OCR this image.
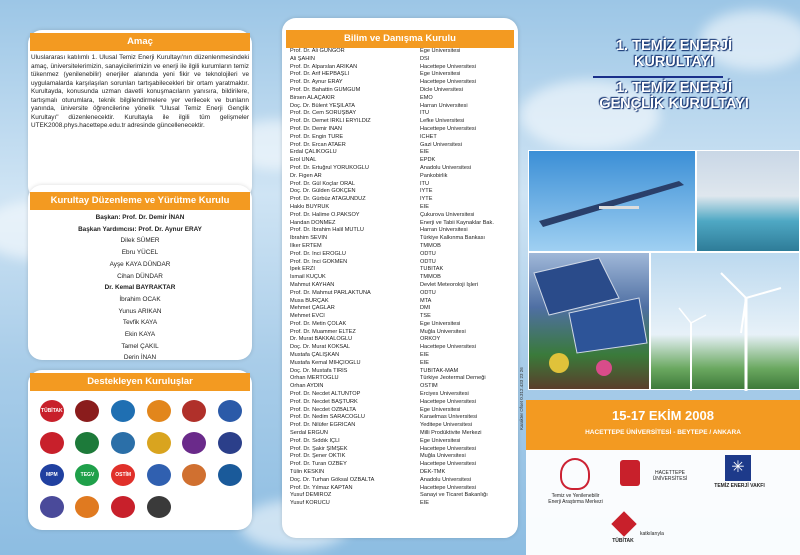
Amaç
Uluslararası katılımlı 1. Ulusal Temiz Enerji Kurultayı'nın düzenlenmesindeki amaç, üniversitelerimizin, sanayicilerimizin ve enerji ile ilgili kurumların temiz tükenmez (yenilenebilir) enerjiler alanında yeni fikir ve teknolojileri ve uygulamalarda karşılaşılan sorunları tartışabilecekleri bir ortam yaratmaktır. Kurultayda, konusunda uzman davetli konuşmacıların yanısıra, bildirilere, tartışmalı oturumlara, teknik bilgilendirmelere yer verilecek ve bunların yanında, üniversite öğrencilerine yönelik "Ulusal Temiz Enerji Gençlik Kurultayı" düzenlenecektir. Kurultayla ile ilgili tüm gelişmeler UTEK2008.phys.hacettepe.edu.tr adresinde güncellenecektir.
Kurultay Düzenleme ve Yürütme Kurulu
Başkan: Prof. Dr. Demir İNAN
Başkan Yardımcısı: Prof. Dr. Aynur ERAY
Dilek SÜMER
Ebru YÜCEL
Ayşe KAYA DÜNDAR
Cihan DÜNDAR
Dr. Kemal BAYRAKTAR
İbrahim OCAK
Yunus ARIKAN
Tevfik KAYA
Ekin KAYA
Tamel ÇAKIL
Derin İNAN
Destekleyen Kuruluşlar
TÜBİTAK
MPM	TEGV	OSTİM
Bilim ve Danışma Kurulu
Prof. Dr. Ali GÜNGÖR	Ege Üniversitesi
Ali ŞAHİN	DSİ
Prof. Dr. Alparslan ARIKAN	Hacettepe Üniversitesi
Prof. Dr. Arif HEPBAŞLI	Ege Üniversitesi
Prof. Dr. Aynur ERAY	Hacettepe Üniversitesi
Prof. Dr. Bahattin GÜMGÜM	Dicle Üniversitesi
Birsen ALAÇAKIR	EMO
Doç. Dr. Bülent YEŞİLATA	Harran Üniversitesi
Prof. Dr. Cem SORUŞBAY	İTÜ
Prof. Dr. Demet IRKLI ERYILDIZ	Lefke Üniversitesi
Prof. Dr. Demir İNAN	Hacettepe Üniversitesi
Prof. Dr. Engin TÜRE	ICHET
Prof. Dr. Ercan ATAER	Gazi Üniversitesi
Erdal ÇALIKOĞLU	EİE
Erol ÜNAL	EPDK
Prof. Dr. Ertuğrul YÖRÜKOĞLU	Anadolu Üniversitesi
Dr. Figen AR	Pankobirlik
Prof. Dr. Gül Koçlar ORAL	İTÜ
Doç. Dr. Gülden GÖKÇEN	İYTE
Prof. Dr. Gürbüz ATAGÜNDÜZ	İYTE
Hakkı BUYRUK	EİE
Prof. Dr. Halime Ö.PAKSOY	Çukurova Üniversitesi
Handan DÖNMEZ	Enerji ve Tabii Kaynaklar Bak.
Prof. Dr. İbrahim Halil MUTLU	Harran Üniversitesi
İbrahim SEVİN	Türkiye Kalkınma Bankası
İlker ERTEM	TMMOB
Prof. Dr. İnci EROĞLU	ODTÜ
Prof. Dr. İnci GÖKMEN	ODTÜ
İpek ERZİ	TÜBİTAK
İsmail KÜÇÜK	TMMOB
Mahmut KAYHAN	Devlet Meteoroloji İşleri
Prof. Dr. Mahmut PARLAKTUNA	ODTÜ
Musa BURÇAK	MTA
Mehmet ÇAĞLAR	DMİ
Mehmet EVCİ	TSE
Prof. Dr. Metin ÇOLAK	Ege Üniversitesi
Prof. Dr. Muammer ELTEZ	Muğla Üniversitesi
Dr. Murat BAKKALOĞLU	ORKOY
Doç. Dr. Murat KÖKSAL	Hacettepe Üniversitesi
Mustafa ÇALIŞKAN	EİE
Mustafa Kemal MIHÇIOĞLU	EİE
Doç. Dr. Mustafa TIRIS	TÜBİTAK-MAM
Orhan MERTOĞLU	Türkiye Jeotermal Derneği
Orhan AYDIN	OSTİM
Prof. Dr. Necdet ALTUNTOP	Erciyes Üniversitesi
Prof. Dr. Necdet BAŞTÜRK	Hacettepe Üniversitesi
Prof. Dr. Necdet ÖZBALTA	Ege Üniversitesi
Prof. Dr. Nedim SARACOĞLU	Karaelmas Üniversitesi
Prof. Dr. Nilüfer EĞRİCAN	Yeditepe Üniversitesi
Serdal ERGÜN	Milli Prodüktivite Merkezi
Prof. Dr. Sıddık İÇLİ	Ege Üniversitesi
Prof. Dr. Şakir ŞİMŞEK	Hacettepe Üniversitesi
Prof. Dr. Şener OKTİK	Muğla Üniversitesi
Prof. Dr. Turan ÖZBEY	Hacettepe Üniversitesi
Tülin KESKİN	DEK-TMK
Doç. Dr. Turhan Göksal ÖZBALTA	Anadolu Üniversitesi
Prof. Dr. Yılmaz KAPTAN	Hacettepe Üniversitesi
Yusuf DEMİRÖZ	Sanayi ve Ticaret Bakanlığı
Yusuf KORUCU	EİE
Karakter Ofset 0.312.433 23 26
1. TEMİZ ENERJİ
KURULTAYI
1. TEMİZ ENERJİ
GENÇLİK KURULTAYI
15-17 EKİM 2008
HACETTEPE ÜNİVERSİTESİ - BEYTEPE / ANKARA
Temiz ve Yenilenebilir Enerji Araştırma Merkezi
HACETTEPE ÜNİVERSİTESİ
✳
TEMİZ ENERJİ VAKFI
TÜBİTAK
katkılarıyla
